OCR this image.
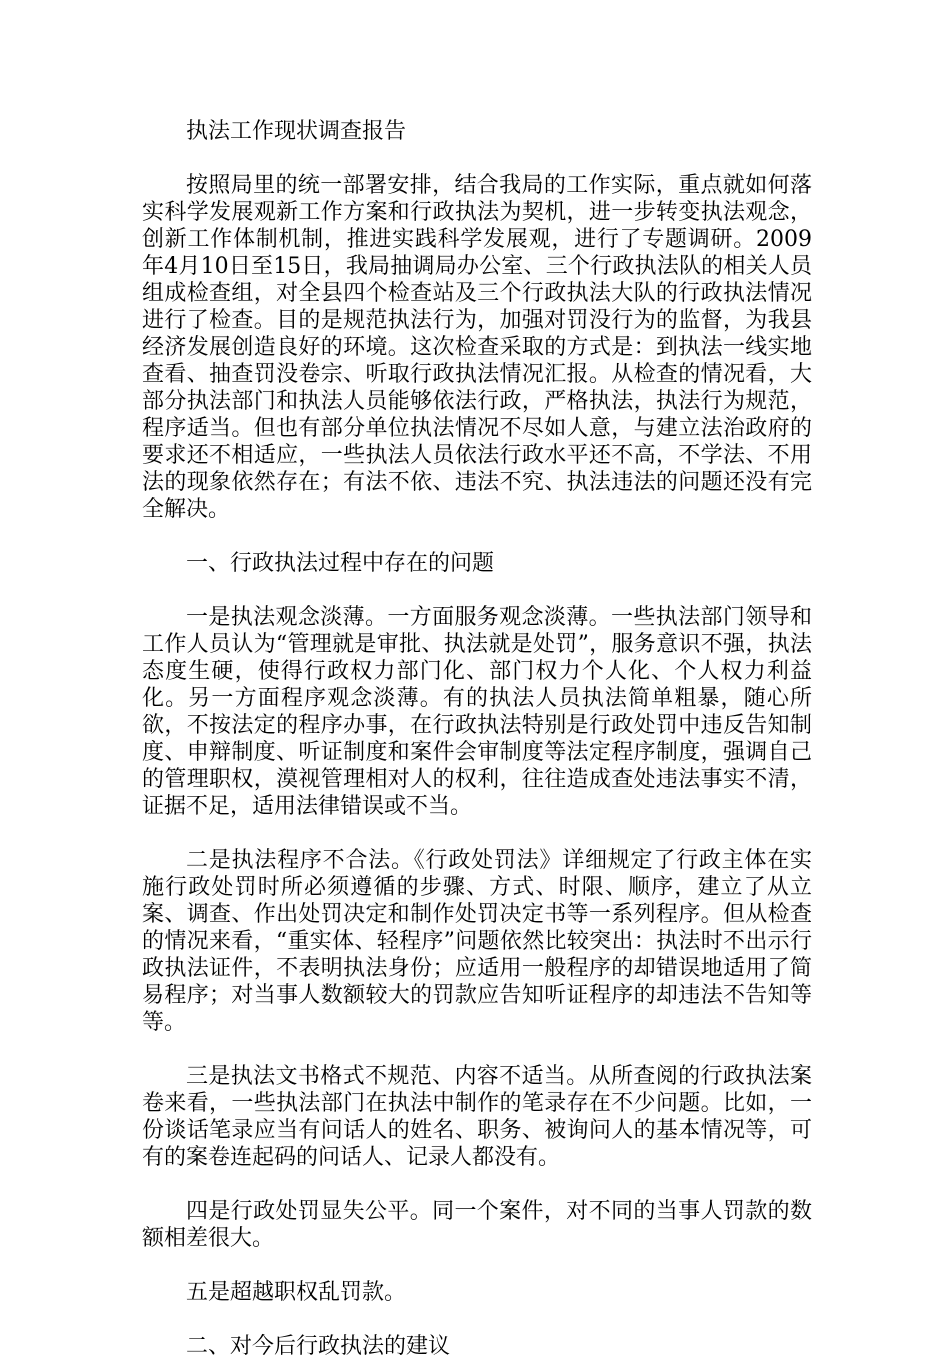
执法工作现状调查报告

按照局里的统一部署安排，结合我局的工作实际，重点就如何落实科学发展观新工作方案和行政执法为契机，进一步转变执法观念，创新工作体制机制，推进实践科学发展观，进行了专题调研。2009年4月10日至15日，我局抽调局办公室、三个行政执法队的相关人员组成检查组，对全县四个检查站及三个行政执法大队的行政执法情况进行了检查。目的是规范执法行为，加强对罚没行为的监督，为我县经济发展创造良好的环境。这次检查采取的方式是：到执法一线实地查看、抽查罚没卷宗、听取行政执法情况汇报。从检查的情况看，大部分执法部门和执法人员能够依法行政，严格执法，执法行为规范，程序适当。但也有部分单位执法情况不尽如人意，与建立法治政府的要求还不相适应，一些执法人员依法行政水平还不高，不学法、不用法的现象依然存在；有法不依、违法不究、执法违法的问题还没有完全解决。

一、行政执法过程中存在的问题

一是执法观念淡薄。一方面服务观念淡薄。一些执法部门领导和工作人员认为“管理就是审批、执法就是处罚”，服务意识不强，执法态度生硬，使得行政权力部门化、部门权力个人化、个人权力利益化。另一方面程序观念淡薄。有的执法人员执法简单粗暴，随心所欲，不按法定的程序办事，在行政执法特别是行政处罚中违反告知制度、申辩制度、听证制度和案件会审制度等法定程序制度，强调自己的管理职权，漠视管理相对人的权利，往往造成查处违法事实不清，证据不足，适用法律错误或不当。

二是执法程序不合法。《行政处罚法》详细规定了行政主体在实施行政处罚时所必须遵循的步骤、方式、时限、顺序，建立了从立案、调查、作出处罚决定和制作处罚决定书等一系列程序。但从检查的情况来看，“重实体、轻程序”问题依然比较突出：执法时不出示行政执法证件，不表明执法身份；应适用一般程序的却错误地适用了简易程序；对当事人数额较大的罚款应告知听证程序的却违法不告知等等。

三是执法文书格式不规范、内容不适当。从所查阅的行政执法案卷来看，一些执法部门在执法中制作的笔录存在不少问题。比如，一份谈话笔录应当有问话人的姓名、职务、被询问人的基本情况等，可有的案卷连起码的问话人、记录人都没有。

四是行政处罚显失公平。同一个案件，对不同的当事人罚款的数额相差很大。

五是超越职权乱罚款。

二、对今后行政执法的建议
